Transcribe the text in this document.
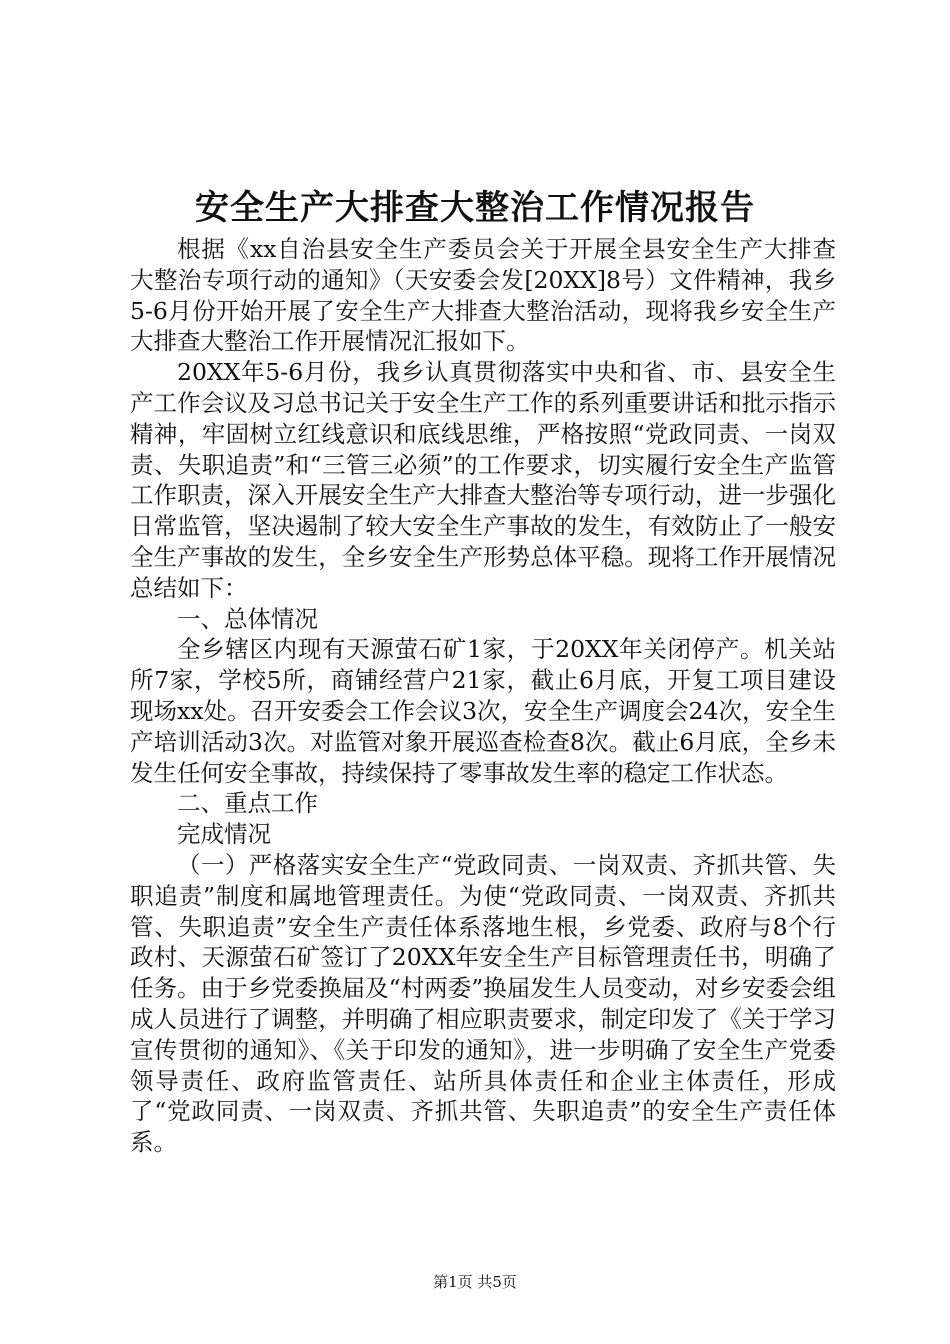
安全生产大排查大整治工作情况报告

根据《xx自治县安全生产委员会关于开展全县安全生产大排查大整治专项行动的通知》（天安委会发[20XX]8号）文件精神，我乡5-6月份开始开展了安全生产大排查大整治活动，现将我乡安全生产大排查大整治工作开展情况汇报如下。

20XX年5-6月份，我乡认真贯彻落实中央和省、市、县安全生产工作会议及习总书记关于安全生产工作的系列重要讲话和批示指示精神，牢固树立红线意识和底线思维，严格按照“党政同责、一岗双责、失职追责”和“三管三必须”的工作要求，切实履行安全生产监管工作职责，深入开展安全生产大排查大整治等专项行动，进一步强化日常监管，坚决遏制了较大安全生产事故的发生，有效防止了一般安全生产事故的发生，全乡安全生产形势总体平稳。现将工作开展情况总结如下：

一、总体情况

全乡辖区内现有天源萤石矿1家，于20XX年关闭停产。机关站所7家，学校5所，商铺经营户21家，截止6月底，开复工项目建设现场xx处。召开安委会工作会议3次，安全生产调度会24次，安全生产培训活动3次。对监管对象开展巡查检查8次。截止6月底，全乡未发生任何安全事故，持续保持了零事故发生率的稳定工作状态。

二、重点工作

完成情况

（一）严格落实安全生产“党政同责、一岗双责、齐抓共管、失职追责”制度和属地管理责任。为使“党政同责、一岗双责、齐抓共管、失职追责”安全生产责任体系落地生根，乡党委、政府与8个行政村、天源萤石矿签订了20XX年安全生产目标管理责任书，明确了任务。由于乡党委换届及“村两委”换届发生人员变动，对乡安委会组成人员进行了调整，并明确了相应职责要求，制定印发了《关于学习宣传贯彻的通知》、《关于印发的通知》，进一步明确了安全生产党委领导责任、政府监管责任、站所具体责任和企业主体责任，形成了“党政同责、一岗双责、齐抓共管、失职追责”的安全生产责任体系。

第1页 共5页
